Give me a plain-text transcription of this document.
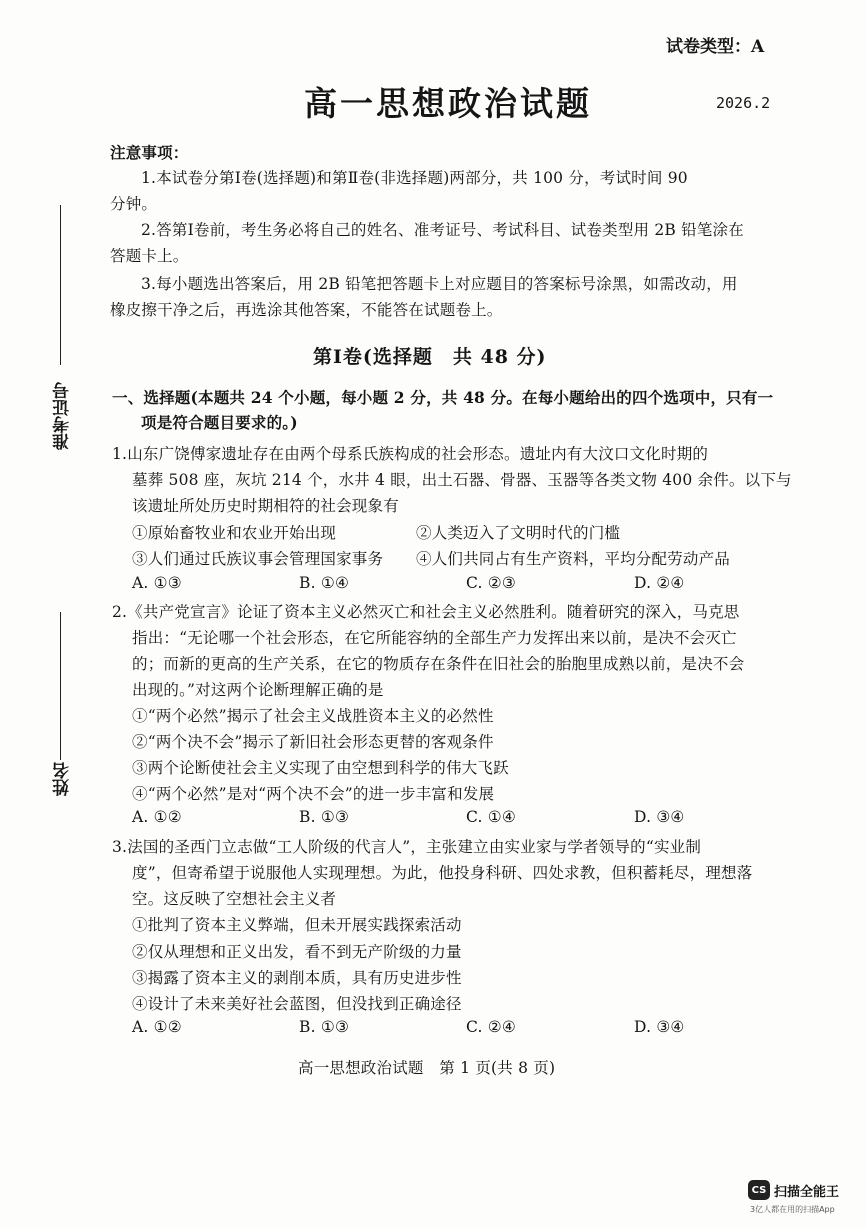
试卷类型：A
高一思想政治试题	2026.2
准考证号
姓名
注意事项：
1.本试卷分第Ⅰ卷(选择题)和第Ⅱ卷(非选择题)两部分，共 100 分，考试时间 90
分钟。
2.答第Ⅰ卷前，考生务必将自己的姓名、准考证号、考试科目、试卷类型用 2B 铅笔涂在
答题卡上。
3.每小题选出答案后，用 2B 铅笔把答题卡上对应题目的答案标号涂黑，如需改动，用
橡皮擦干净之后，再选涂其他答案，不能答在试题卷上。
第Ⅰ卷(选择题　共 48 分)
一、选择题(本题共 24 个小题，每小题 2 分，共 48 分。在每小题给出的四个选项中，只有一
项是符合题目要求的。)
1.山东广饶傅家遗址存在由两个母系氏族构成的社会形态。遗址内有大汶口文化时期的
墓葬 508 座，灰坑 214 个，水井 4 眼，出土石器、骨器、玉器等各类文物 400 余件。以下与
该遗址所处历史时期相符的社会现象有
①原始畜牧业和农业开始出现	②人类迈入了文明时代的门槛
③人们通过氏族议事会管理国家事务 ④人们共同占有生产资料，平均分配劳动产品
A. ①③	B. ①④	C. ②③	D. ②④
2.《共产党宣言》论证了资本主义必然灭亡和社会主义必然胜利。随着研究的深入，马克思
指出：“无论哪一个社会形态，在它所能容纳的全部生产力发挥出来以前，是决不会灭亡
的；而新的更高的生产关系，在它的物质存在条件在旧社会的胎胞里成熟以前，是决不会
出现的。”对这两个论断理解正确的是
①“两个必然”揭示了社会主义战胜资本主义的必然性
②“两个决不会”揭示了新旧社会形态更替的客观条件
③两个论断使社会主义实现了由空想到科学的伟大飞跃
④“两个必然”是对“两个决不会”的进一步丰富和发展
A. ①②	B. ①③	C. ①④	D. ③④
3.法国的圣西门立志做“工人阶级的代言人”，主张建立由实业家与学者领导的“实业制
度”，但寄希望于说服他人实现理想。为此，他投身科研、四处求教，但积蓄耗尽，理想落
空。这反映了空想社会主义者
①批判了资本主义弊端，但未开展实践探索活动
②仅从理想和正义出发，看不到无产阶级的力量
③揭露了资本主义的剥削本质，具有历史进步性
④设计了未来美好社会蓝图，但没找到正确途径
A. ①②	B. ①③	C. ②④	D. ③④
高一思想政治试题　第 1 页(共 8 页)
CS 扫描全能王
3亿人都在用的扫描App
